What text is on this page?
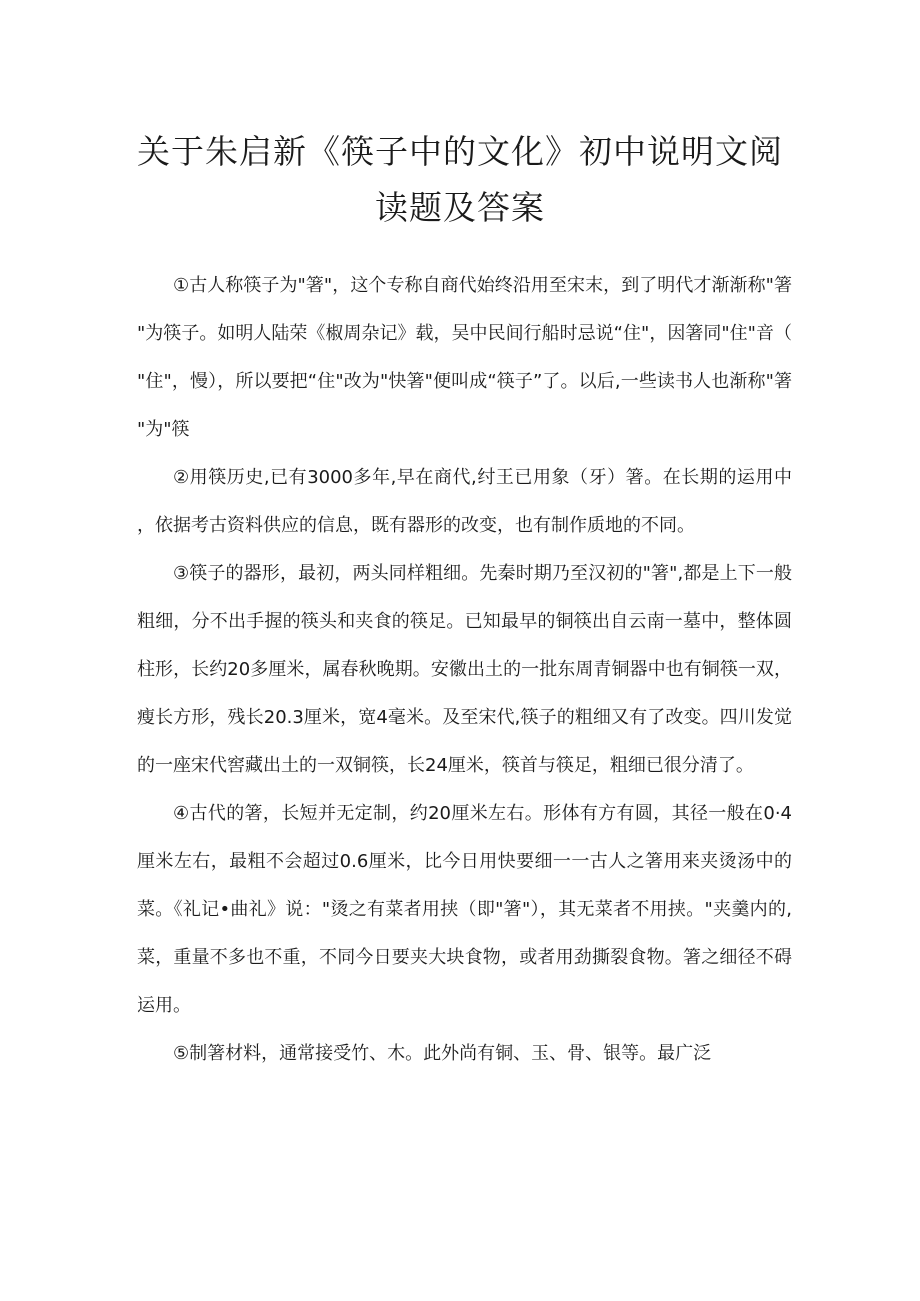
关于朱启新《筷子中的文化》初中说明文阅
读题及答案

①古人称筷子为"箸"，这个专称自商代始终沿用至宋末，到了明代才渐渐称"箸"为筷子。如明人陆荣《椒周杂记》载，吴中民间行船时忌说“住"，因箸同"住"音（"住"，慢），所以要把“住"改为"快箸"便叫成“筷子”了。以后,一些读书人也渐称"箸"为"筷

②用筷历史,已有3000多年,早在商代,纣王已用象（牙）箸。在长期的运用中，依据考古资料供应的信息，既有器形的改变，也有制作质地的不同。

③筷子的器形，最初，两头同样粗细。先秦时期乃至汉初的"箸",都是上下一般粗细，分不出手握的筷头和夹食的筷足。已知最早的铜筷出自云南一墓中，整体圆柱形，长约20多厘米，属春秋晚期。安徽出土的一批东周青铜器中也有铜筷一双，瘦长方形，残长20.3厘米，宽4毫米。及至宋代,筷子的粗细又有了改变。四川发觉的一座宋代窖藏出土的一双铜筷，长24厘米，筷首与筷足，粗细已很分清了。

④古代的箸，长短并无定制，约20厘米左右。形体有方有圆，其径一般在0·4厘米左右，最粗不会超过0.6厘米，比今日用快要细一一古人之箸用来夹烫汤中的菜。《礼记•曲礼》说："烫之有菜者用挟（即"箸"），其无菜者不用挟。"夹羹内的,菜，重量不多也不重，不同今日要夹大块食物，或者用劲撕裂食物。箸之细径不碍运用。

⑤制箸材料，通常接受竹、木。此外尚有铜、玉、骨、银等。最广泛
